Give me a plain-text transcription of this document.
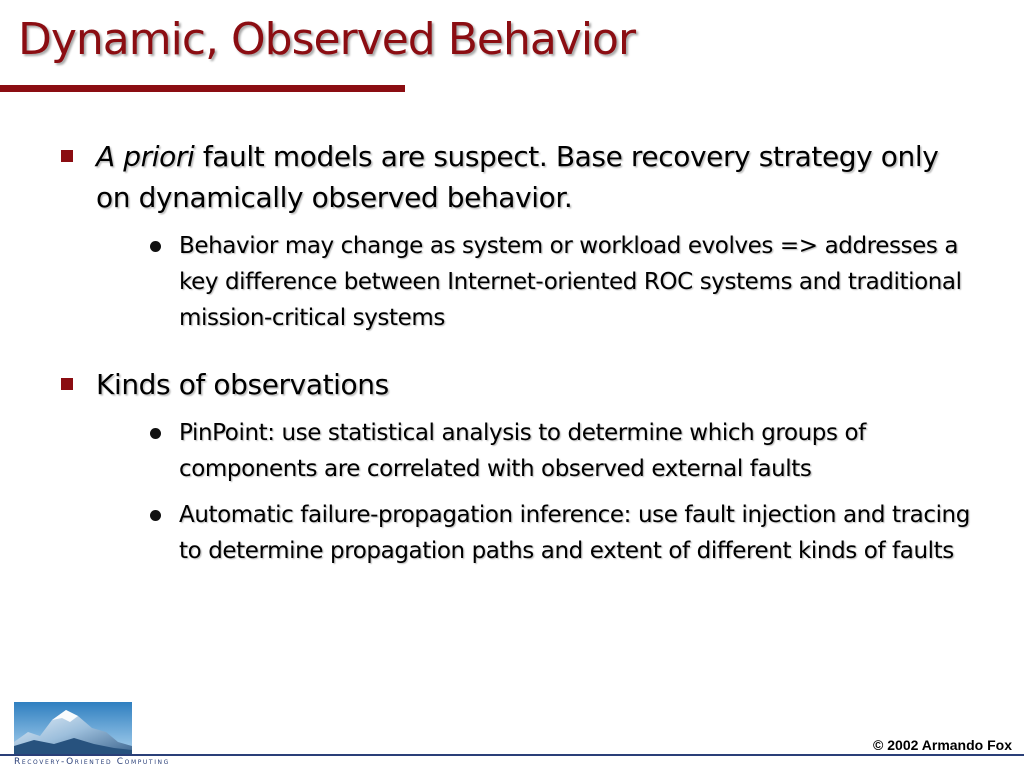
Dynamic, Observed Behavior
A priori fault models are suspect. Base recovery strategy only on dynamically observed behavior.
Behavior may change as system or workload evolves => addresses a key difference between Internet-oriented ROC systems and traditional mission-critical systems
Kinds of observations
PinPoint: use statistical analysis to determine which groups of components are correlated with observed external faults
Automatic failure-propagation inference: use fault injection and tracing to determine propagation paths and extent of different kinds of faults
Recovery-Oriented Computing
© 2002 Armando Fox
